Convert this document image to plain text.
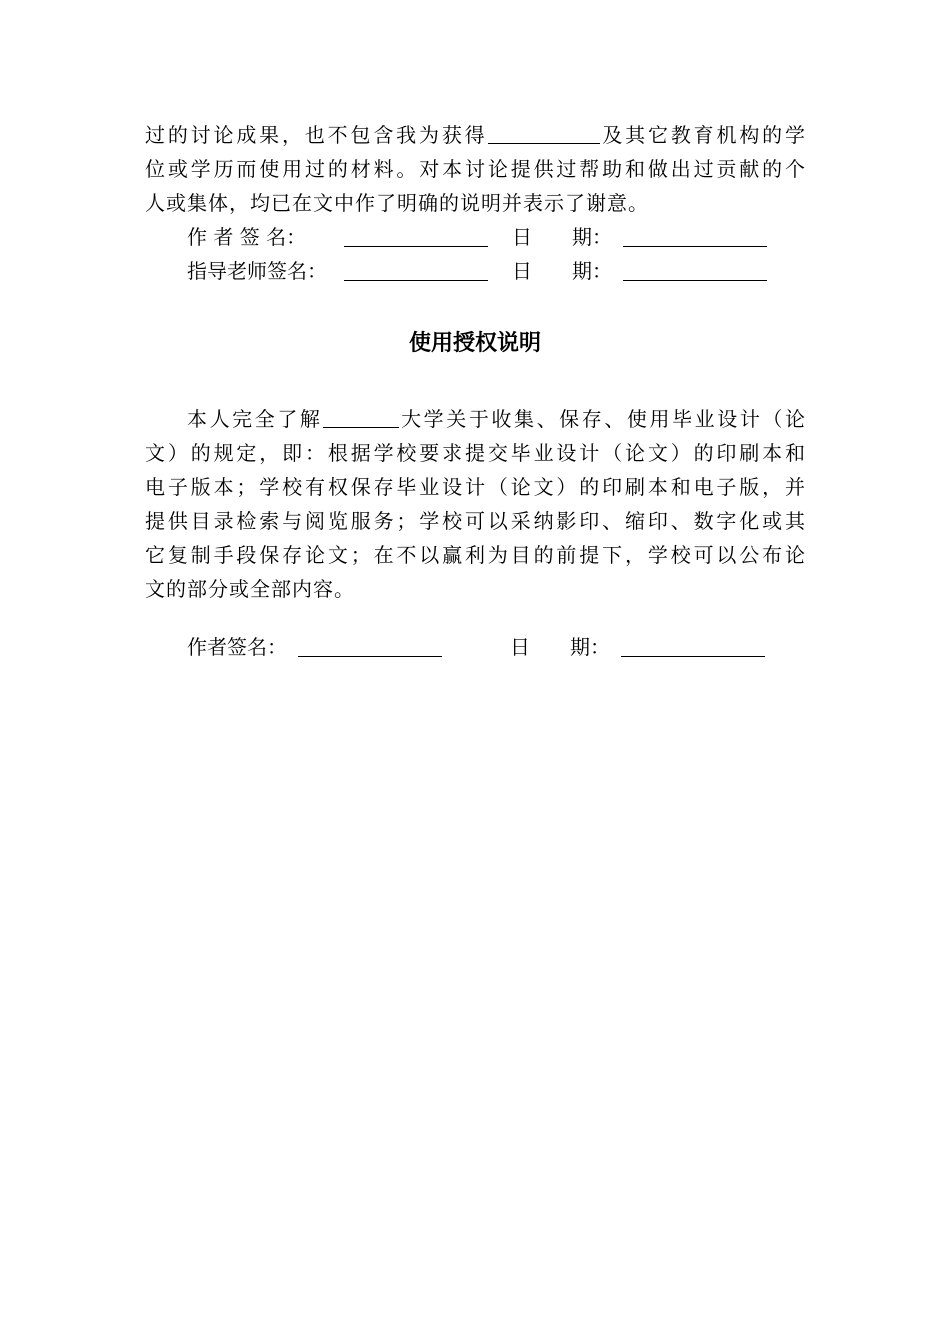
过的讨论成果，也不包含我为获得	及其它教育机构的学
位或学历而使用过的材料。对本讨论提供过帮助和做出过贡献的个
人或集体，均已在文中作了明确的说明并表示了谢意。
作 者 签 名：	日　　期：
指导老师签名：	日　　期：
使用授权说明
本人完全了解	大学关于收集、保存、使用毕业设计（论
文）的规定，即：根据学校要求提交毕业设计（论文）的印刷本和
电子版本；学校有权保存毕业设计（论文）的印刷本和电子版，并
提供目录检索与阅览服务；学校可以采纳影印、缩印、数字化或其
它复制手段保存论文；在不以赢利为目的前提下，学校可以公布论
文的部分或全部内容。
作者签名：	日　　期：
